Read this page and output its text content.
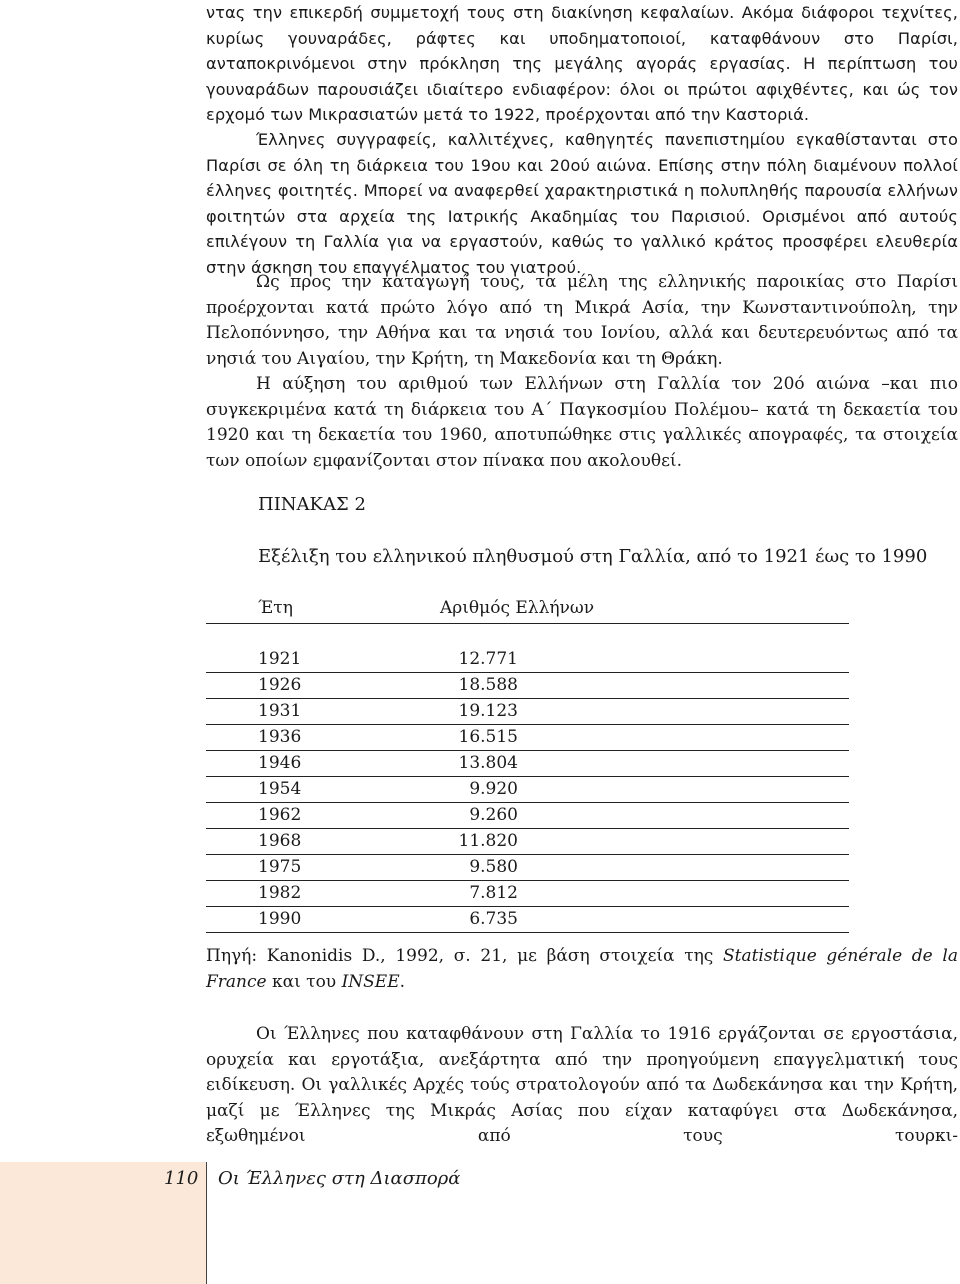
ντας την επικερδή συμμετοχή τους στη διακίνηση κεφαλαίων. Ακόμα διάφοροι τεχνίτες, κυρίως γουναράδες, ράφτες και υποδηματοποιοί, καταφθάνουν στο Παρίσι, ανταποκρινόμενοι στην πρόκληση της μεγάλης αγοράς εργασίας. Η περίπτωση του γουναράδων παρουσιάζει ιδιαίτερο ενδιαφέρον: όλοι οι πρώτοι αφιχθέντες, και ώς τον ερχομό των Μικρασιατών μετά το 1922, προέρχονται από την Καστοριά.

Έλληνες συγγραφείς, καλλιτέχνες, καθηγητές πανεπιστημίου εγκαθίστανται στο Παρίσι σε όλη τη διάρκεια του 19ου και 20ού αιώνα. Επίσης στην πόλη διαμένουν πολλοί έλληνες φοιτητές. Μπορεί να αναφερθεί χαρακτηριστικά η πολυπληθής παρουσία ελλήνων φοιτητών στα αρχεία της Ιατρικής Ακαδημίας του Παρισιού. Ορισμένοι από αυτούς επιλέγουν τη Γαλλία για να εργαστούν, καθώς το γαλλικό κράτος προσφέρει ελευθερία στην άσκηση του επαγγέλματος του γιατρού.

Ως προς την καταγωγή τους, τα μέλη της ελληνικής παροικίας στο Παρίσι προέρχονται κατά πρώτο λόγο από τη Μικρά Ασία, την Κωνσταντινούπολη, την Πελοπόννησο, την Αθήνα και τα νησιά του Ιονίου, αλλά και δευτερευόντως από τα νησιά του Αιγαίου, την Κρήτη, τη Μακεδονία και τη Θράκη.

Η αύξηση του αριθμού των Ελλήνων στη Γαλλία τον 20ό αιώνα –και πιο συγκεκριμένα κατά τη διάρκεια του Α΄ Παγκοσμίου Πολέμου– κατά τη δεκαετία του 1920 και τη δεκαετία του 1960, αποτυπώθηκε στις γαλλικές απογραφές, τα στοιχεία των οποίων εμφανίζονται στον πίνακα που ακολουθεί.

ΠΙΝΑΚΑΣ 2
Εξέλιξη του ελληνικού πληθυσμού στη Γαλλία, από το 1921 έως το 1990
Έτη	Αριθμός Ελλήνων
1921	12.771
1926	18.588
1931	19.123
1936	16.515
1946	13.804
1954	9.920
1962	9.260
1968	11.820
1975	9.580
1982	7.812
1990	6.735

Πηγή: Kanonidis D., 1992, σ. 21, με βάση στοιχεία της Statistique générale de la France και του INSEE.

Οι Έλληνες που καταφθάνουν στη Γαλλία το 1916 εργάζονται σε εργοστάσια, ορυχεία και εργοτάξια, ανεξάρτητα από την προηγούμενη επαγγελματική τους ειδίκευση. Οι γαλλικές Αρχές τούς στρατολογούν από τα Δωδεκάνησα και την Κρήτη, μαζί με Έλληνες της Μικράς Ασίας που είχαν καταφύγει στα Δωδεκάνησα, εξωθημένοι από τους τουρκι-

110 Οι Έλληνες στη Διασπορά
